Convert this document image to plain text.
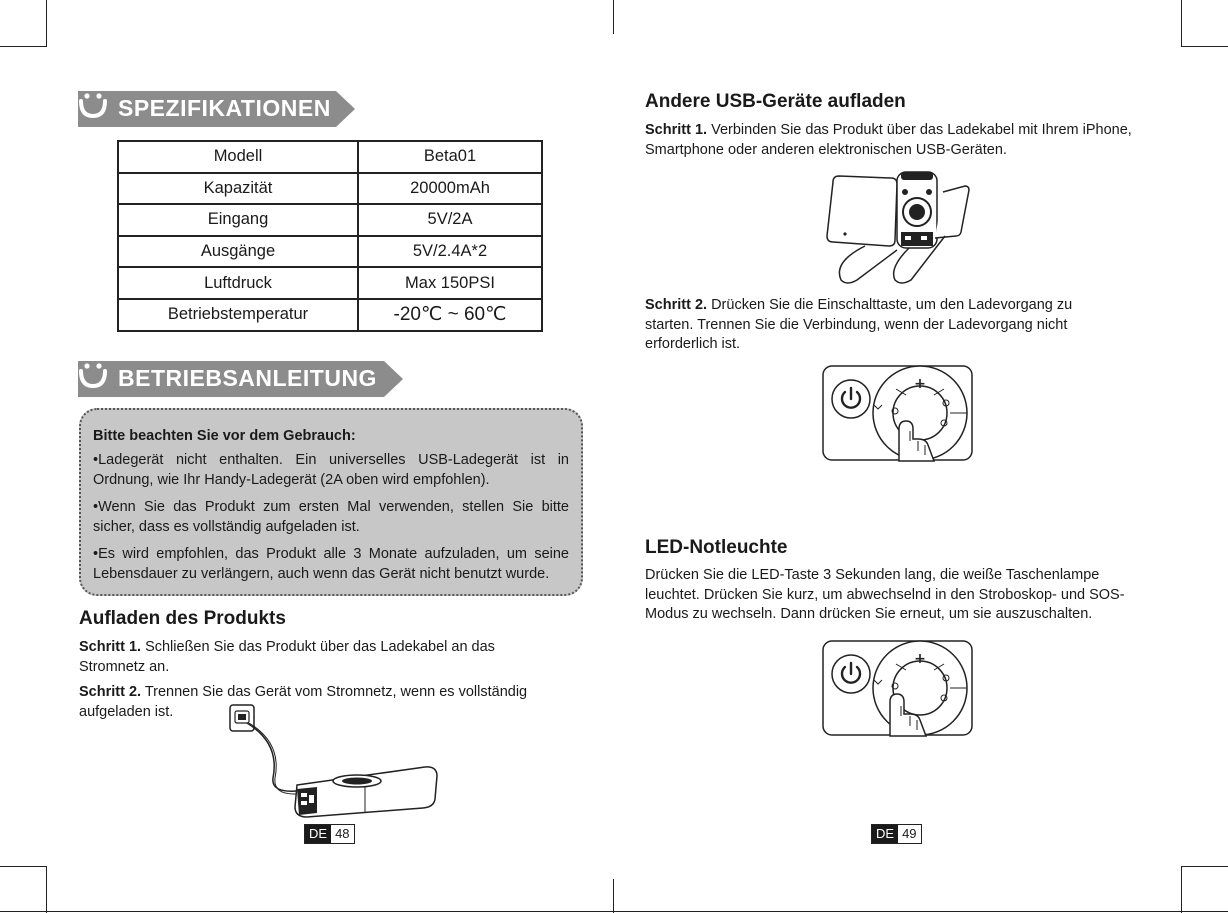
SPEZIFIKATIONEN
Modell	Beta01
Kapazität	20000mAh
Eingang	5V/2A
Ausgänge	5V/2.4A*2
Luftdruck	Max 150PSI
Betriebstemperatur	-20℃ ~ 60℃
BETRIEBSANLEITUNG
Bitte beachten Sie vor dem Gebrauch:

•Ladegerät nicht enthalten. Ein universelles USB-Ladegerät ist in Ordnung, wie Ihr Handy-Ladegerät (2A oben wird empfohlen).

•Wenn Sie das Produkt zum ersten Mal verwenden, stellen Sie bitte sicher, dass es vollständig aufgeladen ist.

•Es wird empfohlen, das Produkt alle 3 Monate aufzuladen, um seine Lebensdauer zu verlängern, auch wenn das Gerät nicht benutzt wurde.

Aufladen des Produkts

Schritt 1. Schließen Sie das Produkt über das Ladekabel an das Stromnetz an.

Schritt 2. Trennen Sie das Gerät vom Stromnetz, wenn es vollständig aufgeladen ist.

DE 48
Andere USB-Geräte aufladen

Schritt 1. Verbinden Sie das Produkt über das Ladekabel mit Ihrem iPhone, Smartphone oder anderen elektronischen USB-Geräten.

Schritt 2. Drücken Sie die Einschalttaste, um den Ladevorgang zu starten. Trennen Sie die Verbindung, wenn der Ladevorgang nicht erforderlich ist.

+
LED-Notleuchte

Drücken Sie die LED-Taste 3 Sekunden lang, die weiße Taschenlampe leuchtet. Drücken Sie kurz, um abwechselnd in den Stroboskop- und SOS-Modus zu wechseln. Dann drücken Sie erneut, um sie auszuschalten.

+
DE 49
